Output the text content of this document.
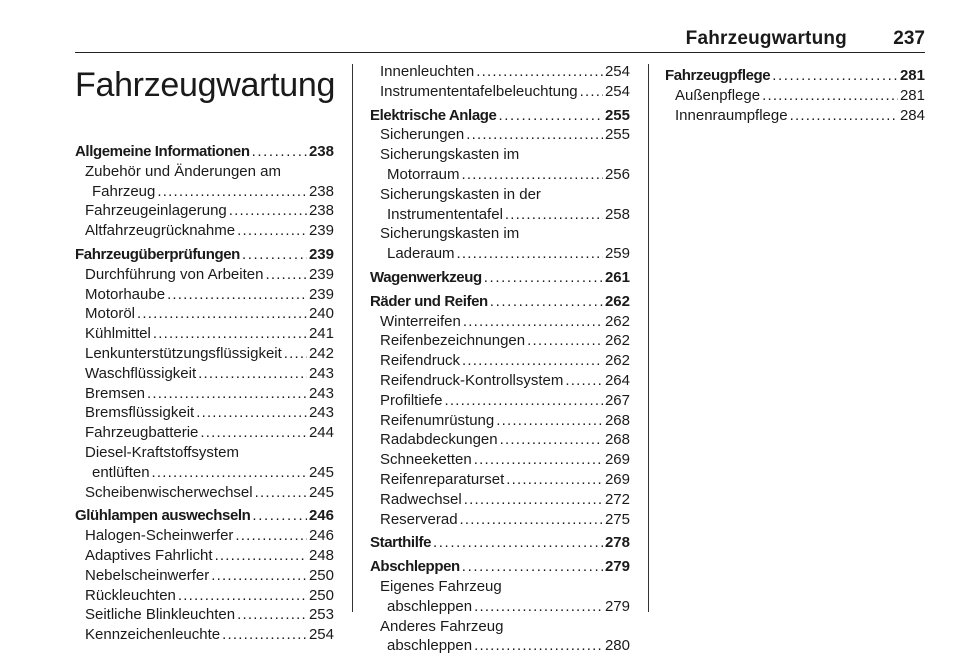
Fahrzeugwartung 237
Fahrzeugwartung
Allgemeine Informationen .....	238
Zubehör und Änderungen am
Fahrzeug .....	238
Fahrzeugeinlagerung .....	238
Altfahrzeugrücknahme .....	239
Fahrzeugüberprüfungen .....	239
Durchführung von Arbeiten .....	239
Motorhaube .....	239
Motoröl .....	240
Kühlmittel .....	241
Lenkunterstützungsflüssigkeit ..... 242
Waschflüssigkeit .....	243
Bremsen .....	243
Bremsflüssigkeit .....	243
Fahrzeugbatterie .....	244
Diesel-Kraftstoffsystem
entlüften .....	245
Scheibenwischerwechsel .....	245
Glühlampen auswechseln .....	246
Halogen-Scheinwerfer .....	246
Adaptives Fahrlicht .....	248
Nebelscheinwerfer .....	250
Rückleuchten .....	250
Seitliche Blinkleuchten .....	253
Kennzeichenleuchte .....	254
Innenleuchten .....	254
Instrumententafelbeleuchtung ..... 254
Elektrische Anlage .....	255
Sicherungen .....	255
Sicherungskasten im
Motorraum .....	256
Sicherungskasten in der
Instrumententafel .....	258
Sicherungskasten im
Laderaum .....	259
Wagenwerkzeug .....	261
Räder und Reifen .....	262
Winterreifen .....	262
Reifenbezeichnungen .....	262
Reifendruck .....	262
Reifendruck-Kontrollsystem .....	264
Profiltiefe .....	267
Reifenumrüstung .....	268
Radabdeckungen .....	268
Schneeketten .....	269
Reifenreparaturset .....	269
Radwechsel .....	272
Reserverad .....	275
Starthilfe .....	278
Abschleppen .....	279
Eigenes Fahrzeug
abschleppen .....	279
Anderes Fahrzeug
abschleppen .....	280
Fahrzeugpflege .....	281
Außenpflege .....	281
Innenraumpflege .....	284
